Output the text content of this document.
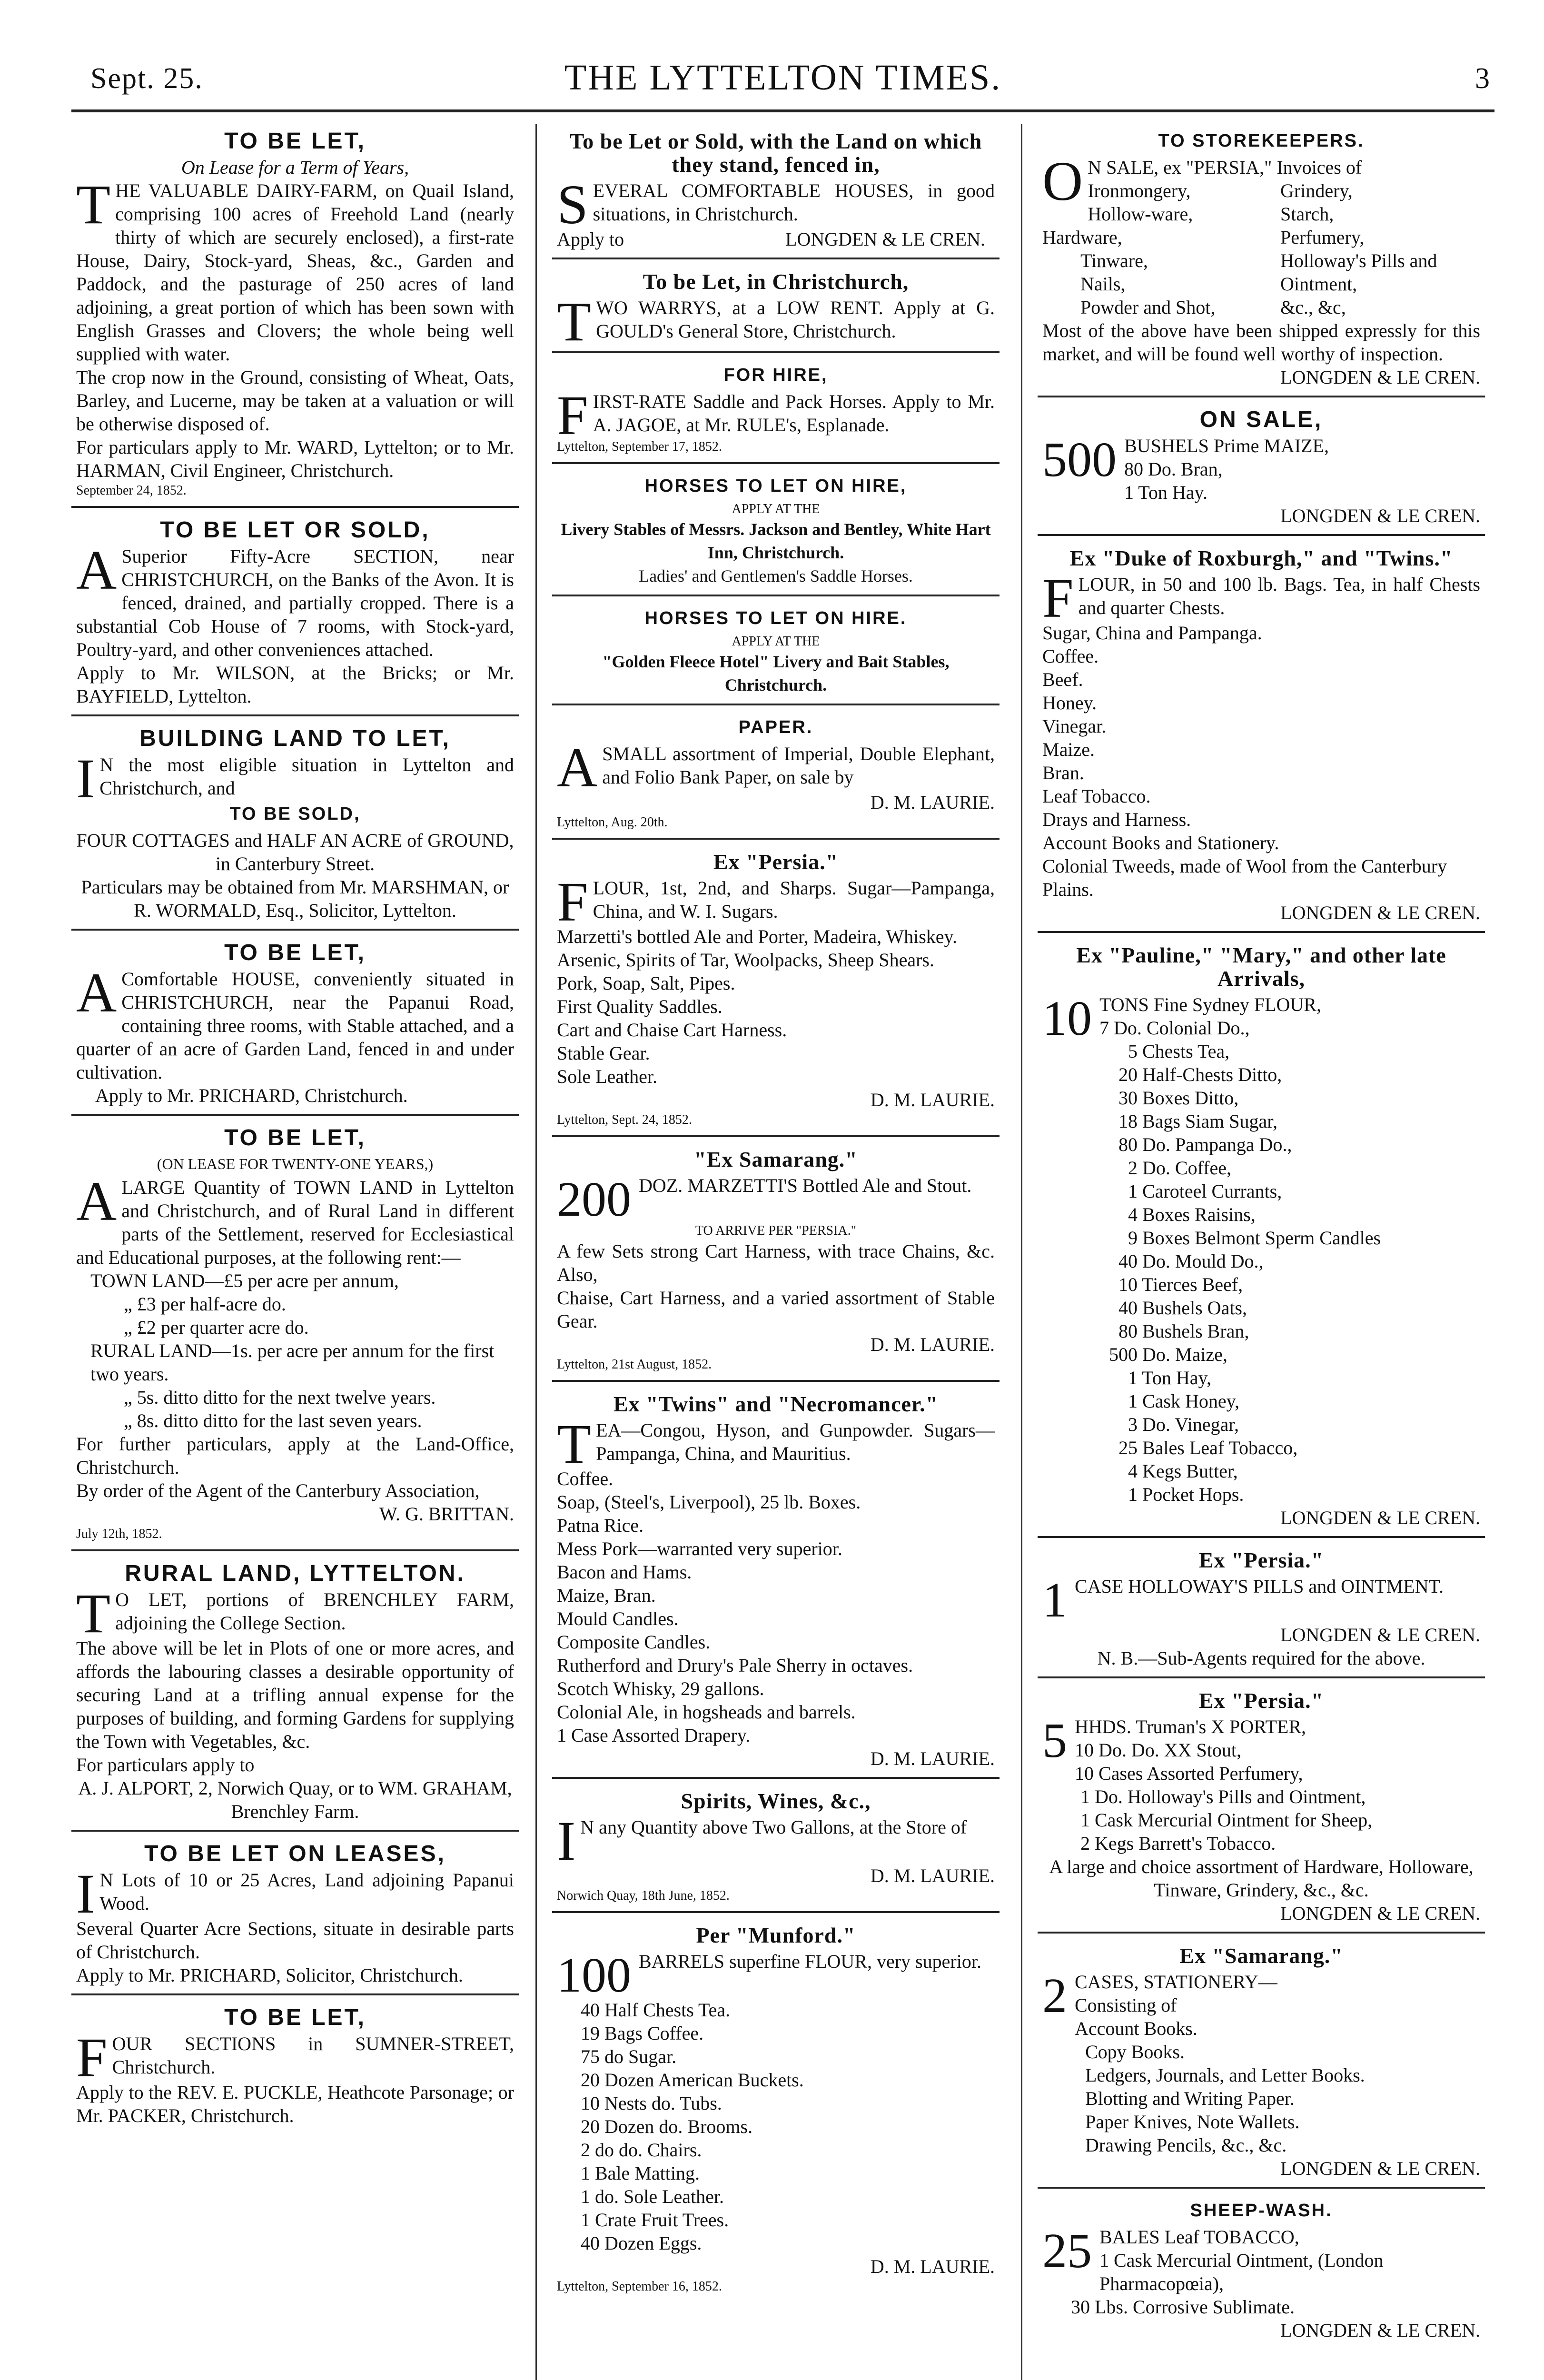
Sept. 25.	THE LYTTELTON TIMES.	3
TO BE LET,
On Lease for a Term of Years,

THE VALUABLE DAIRY-FARM, on Quail Island, comprising 100 acres of Freehold Land (nearly thirty of which are securely enclosed), a first-rate House, Dairy, Stock-yard, Sheas, &c., Garden and Paddock, and the pasturage of 250 acres of land adjoining, a great portion of which has been sown with English Grasses and Clovers; the whole being well supplied with water.

The crop now in the Ground, consisting of Wheat, Oats, Barley, and Lucerne, may be taken at a valuation or will be otherwise disposed of.

For particulars apply to Mr. WARD, Lyttelton; or to Mr. HARMAN, Civil Engineer, Christchurch.

September 24, 1852.
TO BE LET OR SOLD,

A Superior Fifty-Acre SECTION, near CHRISTCHURCH, on the Banks of the Avon. It is fenced, drained, and partially cropped. There is a substantial Cob House of 7 rooms, with Stock-yard, Poultry-yard, and other conveniences attached.

Apply to Mr. WILSON, at the Bricks; or Mr. BAYFIELD, Lyttelton.

BUILDING LAND TO LET,

I N the most eligible situation in Lyttelton and Christchurch, and

TO BE SOLD,

FOUR COTTAGES and HALF AN ACRE of GROUND, in Canterbury Street.

Particulars may be obtained from Mr. MARSHMAN, or R. WORMALD, Esq., Solicitor, Lyttelton.

TO BE LET,

A Comfortable HOUSE, conveniently situated in CHRISTCHURCH, near the Papanui Road, containing three rooms, with Stable attached, and a quarter of an acre of Garden Land, fenced in and under cultivation.

Apply to Mr. PRICHARD, Christchurch.

TO BE LET,
(ON LEASE FOR TWENTY-ONE YEARS,)

ALARGE Quantity of TOWN LAND in Lyttelton and Christchurch, and of Rural Land in different parts of the Settlement, reserved for Ecclesiastical and Educational purposes, at the following rent:—

TOWN LAND—£5 per acre per annum,
„ £3 per half-acre do.
„ £2 per quarter acre do.
RURAL LAND—1s. per acre per annum for the first two years.
„ 5s. ditto ditto for the next twelve years.
„ 8s. ditto ditto for the last seven years.

For further particulars, apply at the Land-Office, Christchurch.

By order of the Agent of the Canterbury Association,

W. G. BRITTAN.
July 12th, 1852.
RURAL LAND, LYTTELTON.

T O LET, portions of BRENCHLEY FARM, adjoining the College Section.

The above will be let in Plots of one or more acres, and affords the labouring classes a desirable opportunity of securing Land at a trifling annual expense for the purposes of building, and forming Gardens for supplying the Town with Vegetables, &c.

For particulars apply to

A. J. ALPORT, 2, Norwich Quay, or to WM. GRAHAM, Brenchley Farm.

TO BE LET ON LEASES,

I N Lots of 10 or 25 Acres, Land adjoining Papanui Wood.

Several Quarter Acre Sections, situate in desirable parts of Christchurch.

Apply to Mr. PRICHARD, Solicitor, Christchurch.

TO BE LET,

FOUR SECTIONS in SUMNER-STREET, Christchurch.

Apply to the REV. E. PUCKLE, Heathcote Parsonage; or Mr. PACKER, Christchurch.

To be Let or Sold, with the Land on which they stand, fenced in,

SEVERAL COMFORTABLE HOUSES, in good situations, in Christchurch.

Apply to	LONGDEN & LE CREN.
To be Let, in Christchurch,

TWO WARRYS, at a LOW RENT. Apply at G. GOULD's General Store, Christchurch.

FOR HIRE,

FIRST-RATE Saddle and Pack Horses. Apply to Mr. A. JAGOE, at Mr. RULE's, Esplanade.

Lyttelton, September 17, 1852.
HORSES TO LET ON HIRE,
APPLY AT THE

Livery Stables of Messrs. Jackson and Bentley, White Hart Inn, Christchurch.

Ladies' and Gentlemen's Saddle Horses.

HORSES TO LET ON HIRE.
APPLY AT THE

"Golden Fleece Hotel" Livery and Bait Stables, Christchurch.

PAPER.

ASMALL assortment of Imperial, Double Elephant, and Folio Bank Paper, on sale by

D. M. LAURIE.
Lyttelton, Aug. 20th.
Ex "Persia."

FLOUR, 1st, 2nd, and Sharps. Sugar—Pampanga, China, and W. I. Sugars.

Marzetti's bottled Ale and Porter, Madeira, Whiskey.
Arsenic, Spirits of Tar, Woolpacks, Sheep Shears.
Pork, Soap, Salt, Pipes.
First Quality Saddles.
Cart and Chaise Cart Harness.
Stable Gear.
Sole Leather.
D. M. LAURIE.
Lyttelton, Sept. 24, 1852.
"Ex Samarang."

200 DOZ. MARZETTI'S Bottled Ale and Stout.

TO ARRIVE PER "PERSIA."

A few Sets strong Cart Harness, with trace Chains, &c. Also,

Chaise, Cart Harness, and a varied assortment of Stable Gear.

D. M. LAURIE.
Lyttelton, 21st August, 1852.
Ex "Twins" and "Necromancer."

TEA—Congou, Hyson, and Gunpowder. Sugars—Pampanga, China, and Mauritius.

Coffee.
Soap, (Steel's, Liverpool), 25 lb. Boxes.
Patna Rice.
Mess Pork—warranted very superior.
Bacon and Hams.
Maize, Bran.
Mould Candles.
Composite Candles.
Rutherford and Drury's Pale Sherry in octaves.
Scotch Whisky, 29 gallons.
Colonial Ale, in hogsheads and barrels.
1 Case Assorted Drapery.
D. M. LAURIE.
Spirits, Wines, &c.,

I N any Quantity above Two Gallons, at the Store of

D. M. LAURIE.
Norwich Quay, 18th June, 1852.
Per "Munford."

100 BARRELS superfine FLOUR, very superior.

40 Half Chests Tea.
19 Bags Coffee.
75 do Sugar.
20 Dozen American Buckets.
10 Nests do. Tubs.
20 Dozen do. Brooms.
2 do do. Chairs.
1 Bale Matting.
1 do. Sole Leather.
1 Crate Fruit Trees.
40 Dozen Eggs.
D. M. LAURIE.
Lyttelton, September 16, 1852.
TO STOREKEEPERS.

O N SALE, ex "PERSIA," Invoices of

Ironmongery,	Grindery,
Hollow-ware,	Starch,
Hardware,	Perfumery,
Tinware,	Holloway's Pills and
Nails,	Ointment,
Powder and Shot,	&c., &c,

Most of the above have been shipped expressly for this market, and will be found well worthy of inspection.

LONGDEN & LE CREN.
ON SALE,
500 BUSHELS Prime MAIZE,
80 Do. Bran,
1 Ton Hay.
LONGDEN & LE CREN.
Ex "Duke of Roxburgh," and "Twins."

FLOUR, in 50 and 100 lb. Bags. Tea, in half Chests and quarter Chests.

Sugar, China and Pampanga.
Coffee.
Beef.
Honey.
Vinegar.
Maize.
Bran.
Leaf Tobacco.
Drays and Harness.
Account Books and Stationery.
Colonial Tweeds, made of Wool from the Canterbury Plains.
LONGDEN & LE CREN.
Ex "Pauline," "Mary," and other late Arrivals,
10 TONS Fine Sydney FLOUR,
7 Do. Colonial Do.,
5 Chests Tea,
20 Half-Chests Ditto,
30 Boxes Ditto,
18 Bags Siam Sugar,
80 Do. Pampanga Do.,
2 Do. Coffee,
1 Caroteel Currants,
4 Boxes Raisins,
9 Boxes Belmont Sperm Candles
40 Do. Mould Do.,
10 Tierces Beef,
40 Bushels Oats,
80 Bushels Bran,
500 Do. Maize,
1 Ton Hay,
1 Cask Honey,
3 Do. Vinegar,
25 Bales Leaf Tobacco,
4 Kegs Butter,
1 Pocket Hops.
LONGDEN & LE CREN.
Ex "Persia."

1 CASE HOLLOWAY'S PILLS and OINTMENT.

LONGDEN & LE CREN.
N. B.—Sub-Agents required for the above.
Ex "Persia."
5 HHDS. Truman's X PORTER,
10 Do. Do. XX Stout,
10 Cases Assorted Perfumery,
1 Do. Holloway's Pills and Ointment,
1 Cask Mercurial Ointment for Sheep,
2 Kegs Barrett's Tobacco.

A large and choice assortment of Hardware, Holloware, Tinware, Grindery, &c., &c.

LONGDEN & LE CREN.
Ex "Samarang."
2 CASES, STATIONERY—
Consisting of
Account Books.
Copy Books.
Ledgers, Journals, and Letter Books.
Blotting and Writing Paper.
Paper Knives, Note Wallets.
Drawing Pencils, &c., &c.
LONGDEN & LE CREN.
SHEEP-WASH.
25 BALES Leaf TOBACCO,
1 Cask Mercurial Ointment, (London Pharmacopœia),
30 Lbs. Corrosive Sublimate.
LONGDEN & LE CREN.
